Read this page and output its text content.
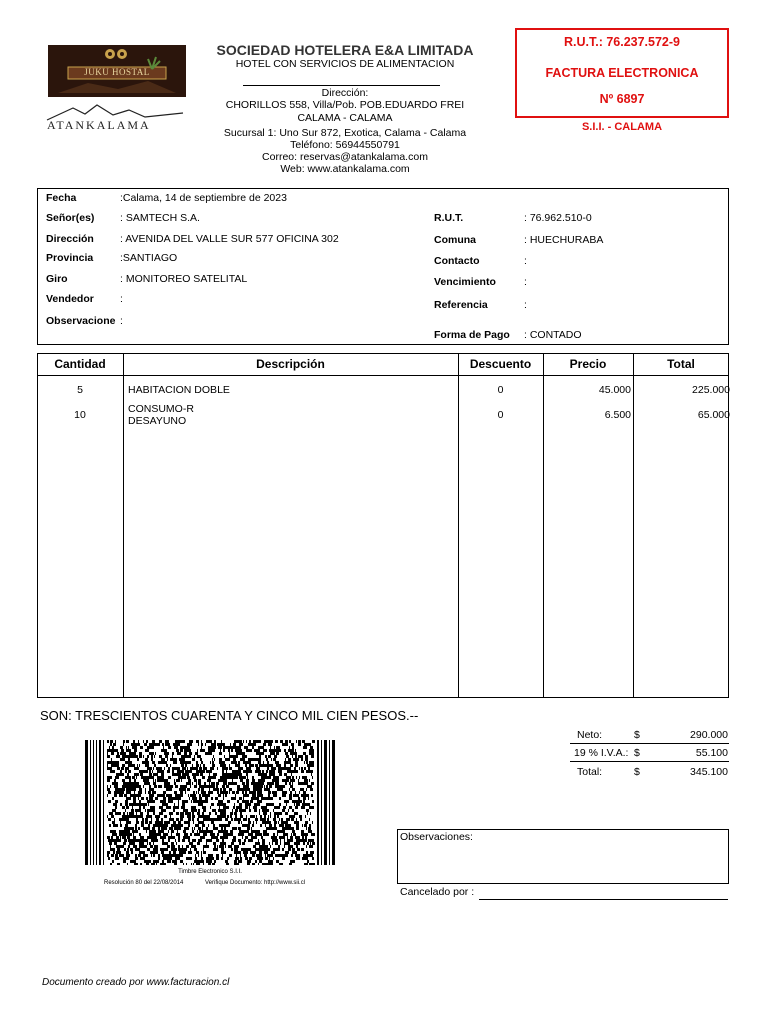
JUKU HOSTAL
ATANKALAMA
SOCIEDAD HOTELERA E&A LIMITADA
HOTEL CON SERVICIOS DE ALIMENTACION
Dirección:
CHORILLOS 558, Villa/Pob. POB.EDUARDO FREI
CALAMA - CALAMA
Sucursal 1: Uno Sur 872, Exotica, Calama - Calama
Teléfono: 56944550791
Correo: reservas@atankalama.com
Web: www.atankalama.com
R.U.T.: 76.237.572-9
FACTURA ELECTRONICA
Nº 6897
S.I.I. - CALAMA
Fecha	:Calama, 14 de septiembre de 2023
Señor(es) : SAMTECH S.A.
Dirección : AVENIDA DEL VALLE SUR 577 OFICINA 302
Provincia	:SANTIAGO
Giro	: MONITOREO SATELITAL
Vendedor :
Observacione :
R.U.T.	: 76.962.510-0
Comuna	: HUECHURABA
Contacto	:
Vencimiento	:
Referencia	:
Forma de Pago : CONTADO
Cantidad	Descripción	Descuento	Precio	Total
5	HABITACION DOBLE	0	45.000	225.000
10	CONSUMO-R
DESAYUNO	0	6.500	65.000
SON: TRESCIENTOS CUARENTA Y CINCO MIL CIEN PESOS.--
Neto:	$	290.000
19 % I.V.A.: $	55.100
Total:	$	345.100
Timbre Electronico S.I.I.
Resolución 80 del 22/08/2014	Verifique Documento: http://www.sii.cl
Observaciones:
Cancelado por :
Documento creado por www.facturacion.cl
